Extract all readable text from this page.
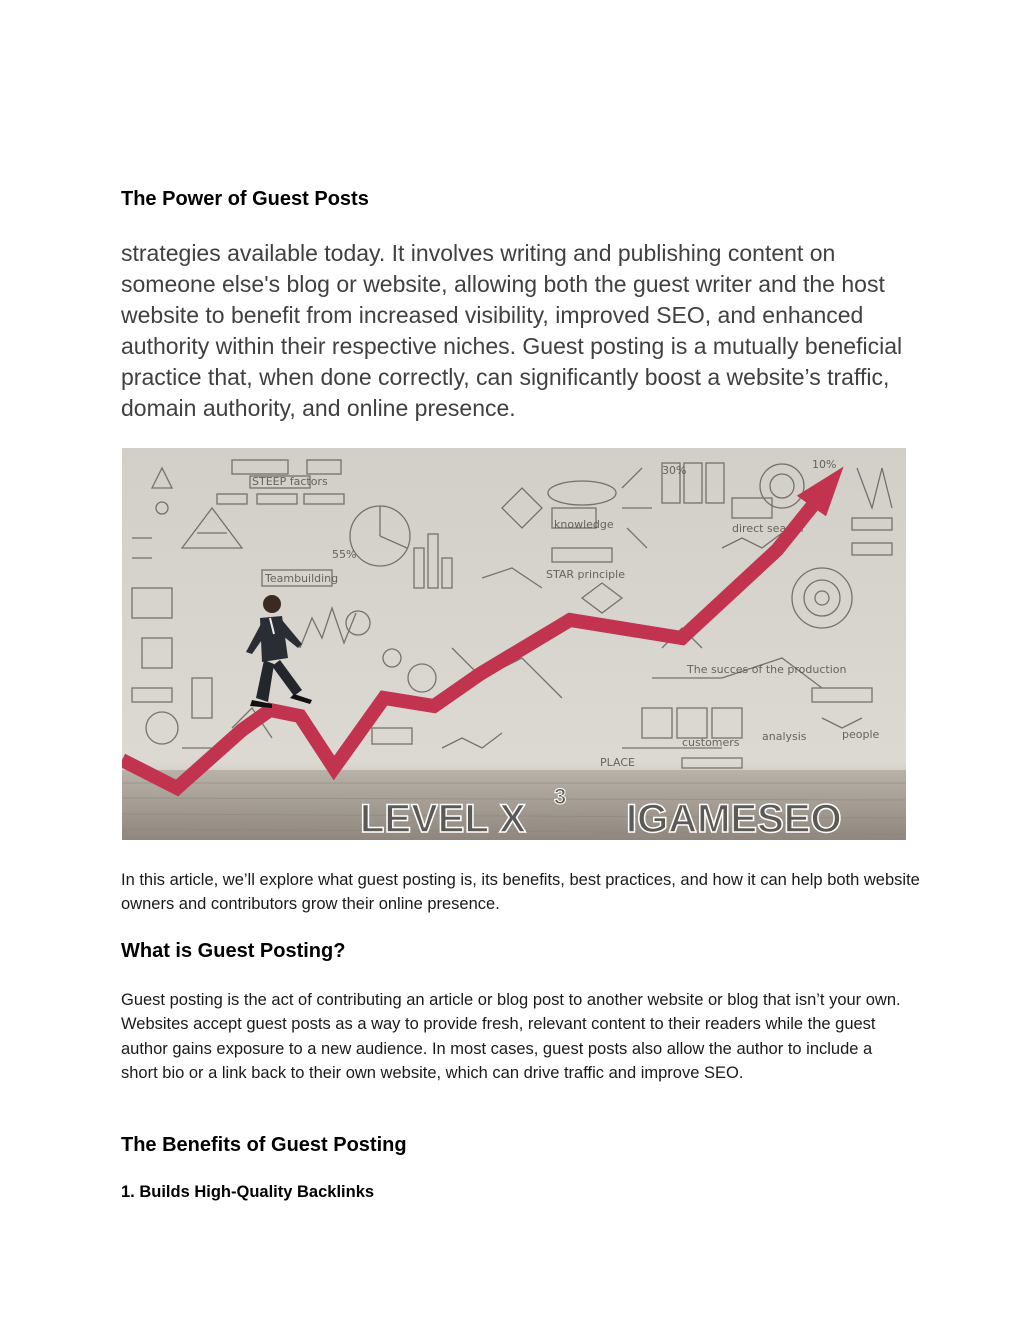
The Power of Guest Posts

strategies available today. It involves writing and publishing content on someone else's blog or website, allowing both the guest writer and the host website to benefit from increased visibility, improved SEO, and enhanced authority within their respective niches. Guest posting is a mutually beneficial practice that, when done correctly, can significantly boost a website’s traffic, domain authority, and online presence.

STEEP factors
Teambuilding
knowledge
STAR principle
direct search
The succes of the production
PLACE
analysis	people
customers
30%	10%
55%
LEVEL X
3
IGAMESEO

In this article, we’ll explore what guest posting is, its benefits, best practices, and how it can help both website owners and contributors grow their online presence.

What is Guest Posting?

Guest posting is the act of contributing an article or blog post to another website or blog that isn’t your own. Websites accept guest posts as a way to provide fresh, relevant content to their readers while the guest author gains exposure to a new audience. In most cases, guest posts also allow the author to include a short bio or a link back to their own website, which can drive traffic and improve SEO.

The Benefits of Guest Posting
1. Builds High-Quality Backlinks
